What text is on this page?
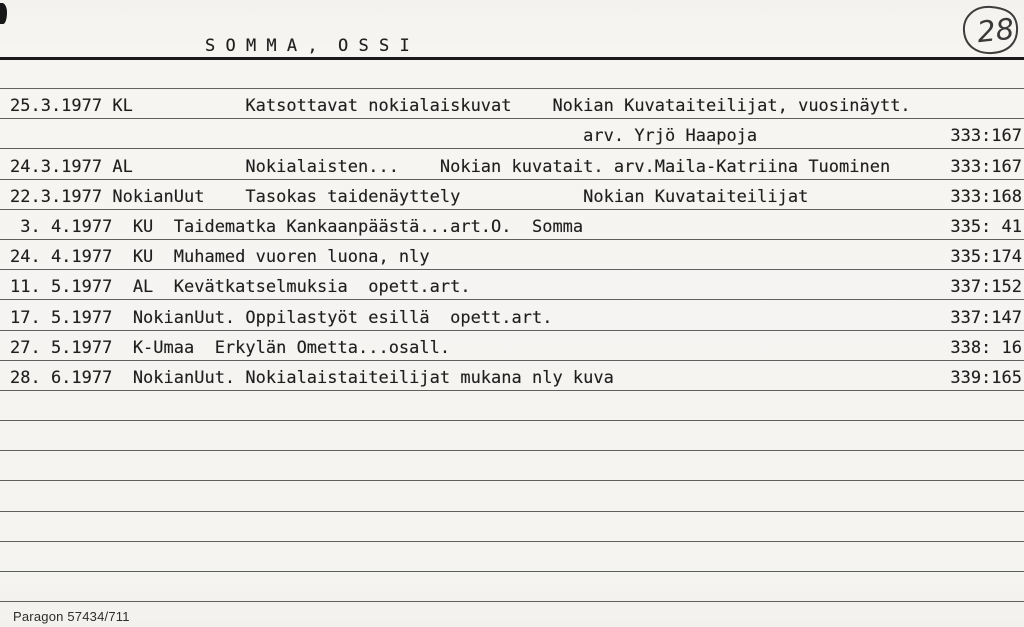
S O M M A ,  O S S I	28
25.3.1977 KL           Katsottavat nokialaiskuvat    Nokian Kuvataiteilijat, vuosinäytt.
arv. Yrjö Haapoja	333:167
24.3.1977 AL           Nokialaisten...    Nokian kuvatait. arv.Maila-Katriina Tuominen	333:167
22.3.1977 NokianUut    Tasokas taidenäyttely            Nokian Kuvataiteilijat	333:168
3. 4.1977  KU  Taidematka Kankaanpäästä...art.O.  Somma	335: 41
24. 4.1977  KU  Muhamed vuoren luona, nly	335:174
11. 5.1977  AL  Kevätkatselmuksia  opett.art.	337:152
17. 5.1977  NokianUut. Oppilastyöt esillä  opett.art.	337:147
27. 5.1977  K-Umaa  Erkylän Ometta...osall.	338: 16
28. 6.1977  NokianUut. Nokialaistaiteilijat mukana nly kuva	339:165
Paragon 57434/711
